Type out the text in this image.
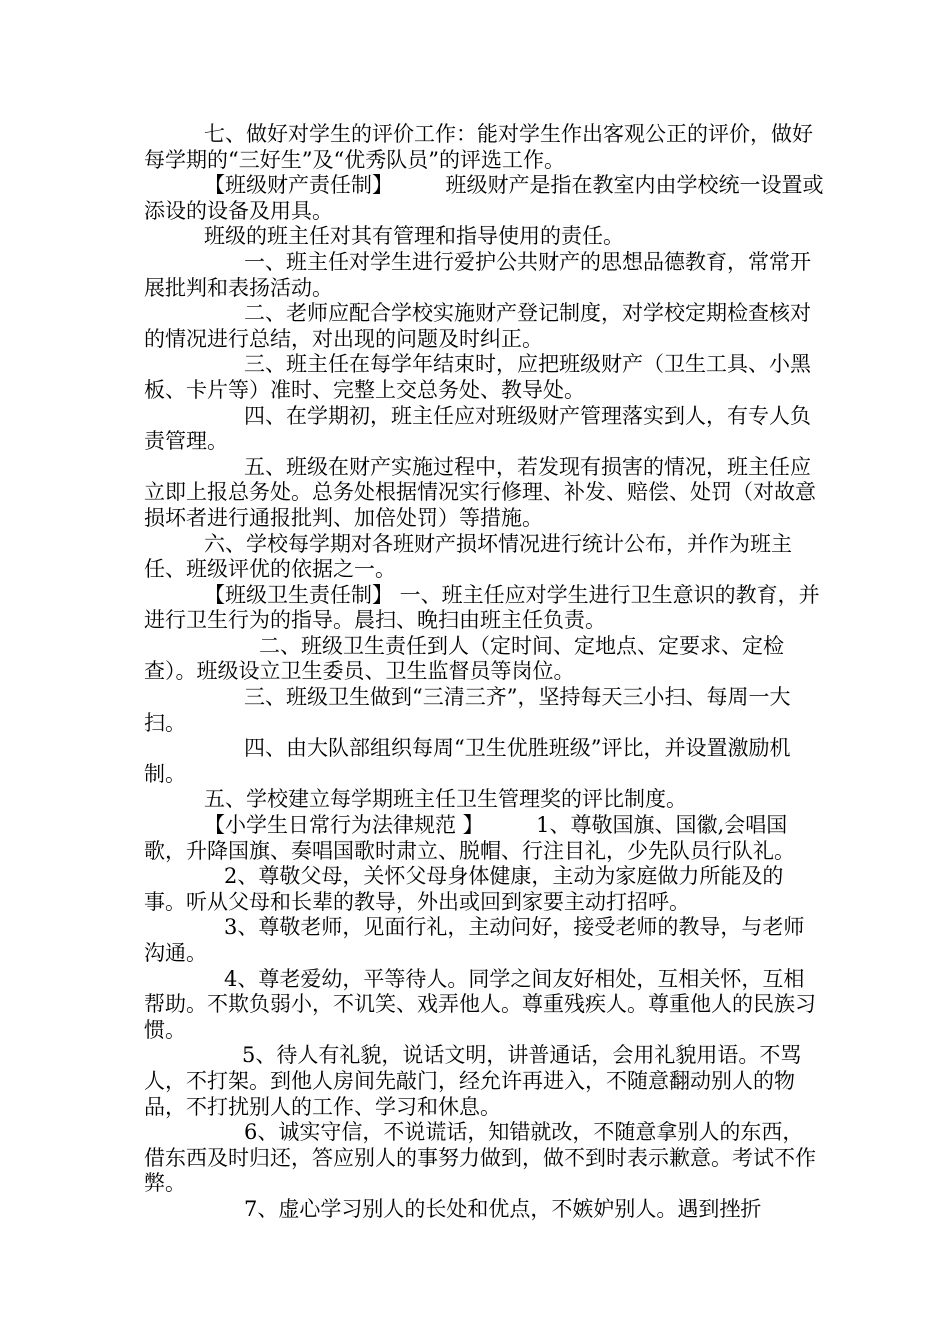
七、做好对学生的评价工作：能对学生作出客观公正的评价，做好每学期的“三好生”及“优秀队员”的评选工作。

【班级财产责任制】　　　班级财产是指在教室内由学校统一设置或添设的设备及用具。

班级的班主任对其有管理和指导使用的责任。

一、班主任对学生进行爱护公共财产的思想品德教育，常常开展批判和表扬活动。

二、老师应配合学校实施财产登记制度，对学校定期检查核对的情况进行总结，对出现的问题及时纠正。

三、班主任在每学年结束时，应把班级财产（卫生工具、小黑板、卡片等）准时、完整上交总务处、教导处。

四、在学期初，班主任应对班级财产管理落实到人，有专人负责管理。

五、班级在财产实施过程中，若发现有损害的情况，班主任应立即上报总务处。总务处根据情况实行修理、补发、赔偿、处罚（对故意损坏者进行通报批判、加倍处罚）等措施。

六、学校每学期对各班财产损坏情况进行统计公布，并作为班主任、班级评优的依据之一。

【班级卫生责任制】 一、班主任应对学生进行卫生意识的教育，并进行卫生行为的指导。晨扫、晚扫由班主任负责。

二、班级卫生责任到人（定时间、定地点、定要求、定检查）。班级设立卫生委员、卫生监督员等岗位。

三、班级卫生做到“三清三齐”，坚持每天三小扫、每周一大扫。

四、由大队部组织每周“卫生优胜班级”评比，并设置激励机制。

五、学校建立每学期班主任卫生管理奖的评比制度。

【小学生日常行为法律规范 】　　　1、尊敬国旗、国徽,会唱国歌，升降国旗、奏唱国歌时肃立、脱帽、行注目礼，少先队员行队礼。

2、尊敬父母，关怀父母身体健康，主动为家庭做力所能及的事。听从父母和长辈的教导，外出或回到家要主动打招呼。

3、尊敬老师，见面行礼，主动问好，接受老师的教导，与老师沟通。

4、尊老爱幼，平等待人。同学之间友好相处，互相关怀，互相帮助。不欺负弱小，不讥笑、戏弄他人。尊重残疾人。尊重他人的民族习惯。

5、待人有礼貌，说话文明，讲普通话，会用礼貌用语。不骂人，不打架。到他人房间先敲门，经允许再进入，不随意翻动别人的物品，不打扰别人的工作、学习和休息。

6、诚实守信，不说谎话，知错就改，不随意拿别人的东西，借东西及时归还，答应别人的事努力做到，做不到时表示歉意。考试不作弊。

7、虚心学习别人的长处和优点，不嫉妒别人。遇到挫折
